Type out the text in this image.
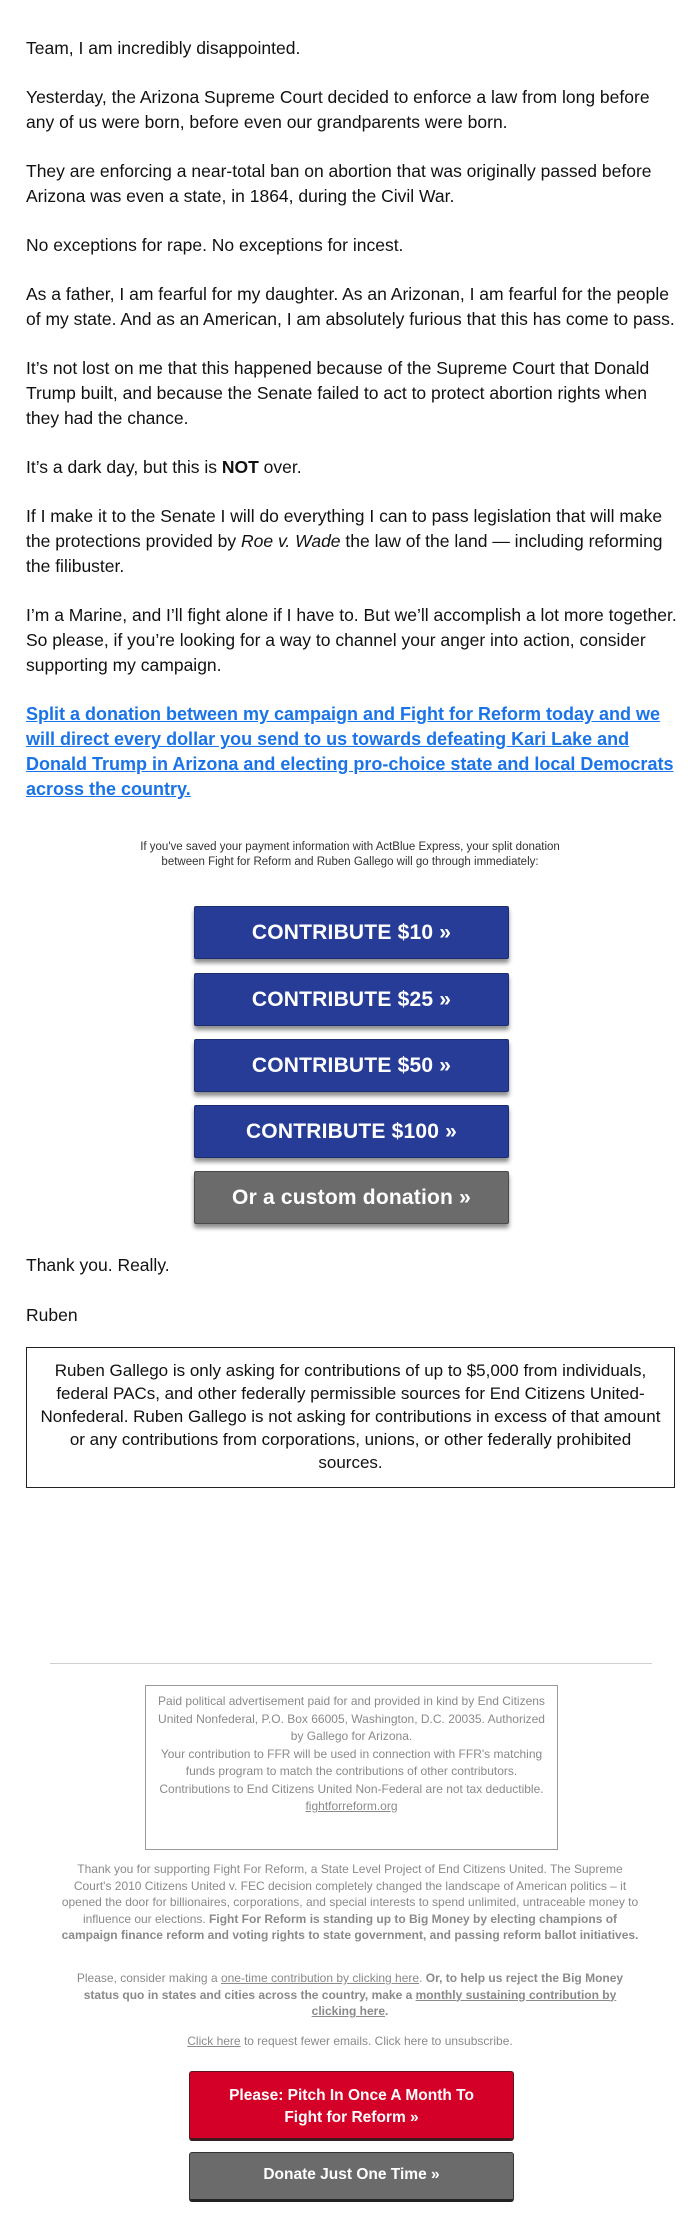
Team, I am incredibly disappointed.

Yesterday, the Arizona Supreme Court decided to enforce a law from long before any of us were born, before even our grandparents were born.

They are enforcing a near-total ban on abortion that was originally passed before Arizona was even a state, in 1864, during the Civil War.

No exceptions for rape. No exceptions for incest.

As a father, I am fearful for my daughter. As an Arizonan, I am fearful for the people of my state. And as an American, I am absolutely furious that this has come to pass.

It’s not lost on me that this happened because of the Supreme Court that Donald Trump built, and because the Senate failed to act to protect abortion rights when they had the chance.

It’s a dark day, but this is NOT over.

If I make it to the Senate I will do everything I can to pass legislation that will make the protections provided by Roe v. Wade the law of the land — including reforming the filibuster.

I’m a Marine, and I’ll fight alone if I have to. But we’ll accomplish a lot more together. So please, if you’re looking for a way to channel your anger into action, consider supporting my campaign.

Split a donation between my campaign and Fight for Reform today and we will direct every dollar you send to us towards defeating Kari Lake and Donald Trump in Arizona and electing pro-choice state and local Democrats across the country.

If you've saved your payment information with ActBlue Express, your split donation between Fight for Reform and Ruben Gallego will go through immediately:
CONTRIBUTE $10 »
CONTRIBUTE $25 »
CONTRIBUTE $50 »
CONTRIBUTE $100 »
Or a custom donation »
Thank you. Really.
Ruben
Ruben Gallego is only asking for contributions of up to $5,000 from individuals, federal PACs, and other federally permissible sources for End Citizens United-Nonfederal. Ruben Gallego is not asking for contributions in excess of that amount or any contributions from corporations, unions, or other federally prohibited sources.
Paid political advertisement paid for and provided in kind by End Citizens United Nonfederal, P.O. Box 66005, Washington, D.C. 20035. Authorized by Gallego for Arizona.
Your contribution to FFR will be used in connection with FFR's matching funds program to match the contributions of other contributors.
Contributions to End Citizens United Non-Federal are not tax deductible.
fightforreform.org
Thank you for supporting Fight For Reform, a State Level Project of End Citizens United. The Supreme Court's 2010 Citizens United v. FEC decision completely changed the landscape of American politics – it opened the door for billionaires, corporations, and special interests to spend unlimited, untraceable money to influence our elections. Fight For Reform is standing up to Big Money by electing champions of campaign finance reform and voting rights to state government, and passing reform ballot initiatives.
Please, consider making a one-time contribution by clicking here. Or, to help us reject the Big Money status quo in states and cities across the country, make a monthly sustaining contribution by clicking here.
Click here to request fewer emails. Click here to unsubscribe.
Please: Pitch In Once A Month To Fight for Reform »
Donate Just One Time »
